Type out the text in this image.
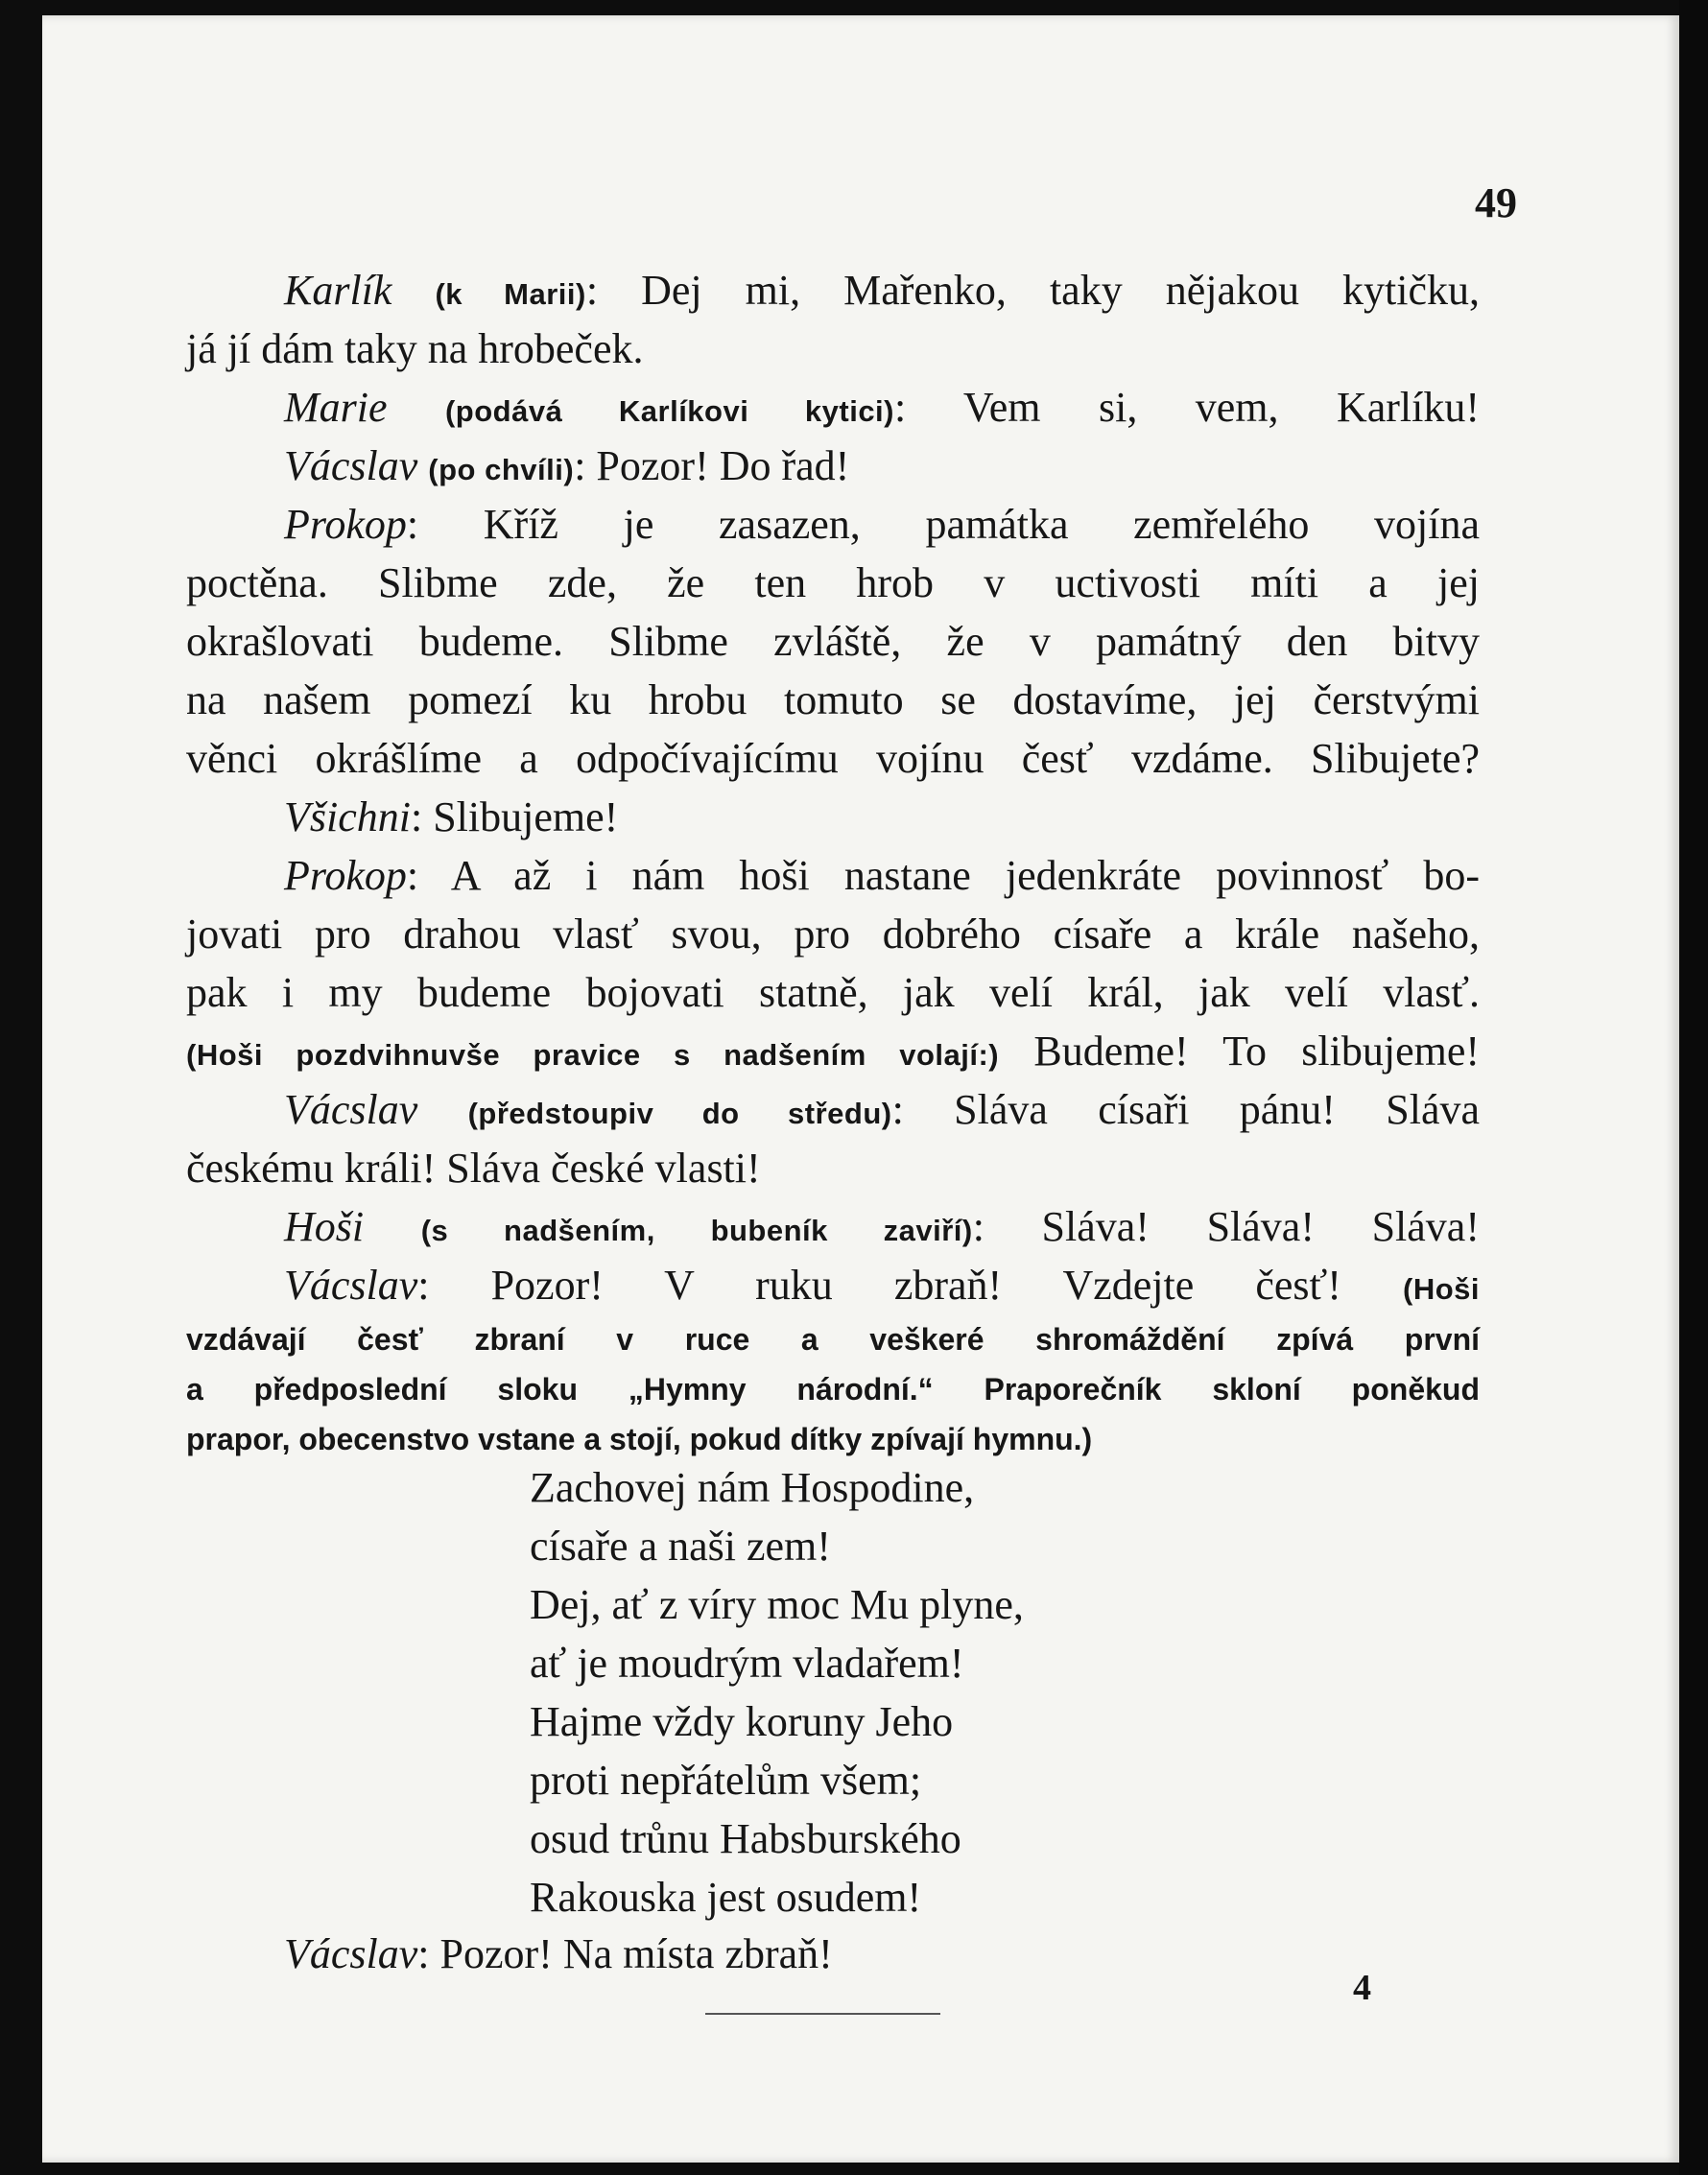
49
Karlík (k Marii): Dej mi, Mařenko, taky nějakou kytičku,
já jí dám taky na hrobeček.
Marie (podává Karlíkovi kytici): Vem si, vem, Karlíku!
Vácslav (po chvíli): Pozor! Do řad!
Prokop: Kříž je zasazen, památka zemřelého vojína
poctěna. Slibme zde, že ten hrob v uctivosti míti a jej
okrašlovati budeme. Slibme zvláště, že v památný den bitvy
na našem pomezí ku hrobu tomuto se dostavíme, jej čerstvými
věnci okrášlíme a odpočívajícímu vojínu česť vzdáme. Slibujete?
Všichni: Slibujeme!
Prokop: A až i nám hoši nastane jedenkráte povinnosť bo-
jovati pro drahou vlasť svou, pro dobrého císaře a krále našeho,
pak i my budeme bojovati statně, jak velí král, jak velí vlasť.
(Hoši pozdvihnuvše pravice s nadšením volají:) Budeme! To slibujeme!
Vácslav (předstoupiv do středu): Sláva císaři pánu! Sláva
českému králi! Sláva české vlasti!
Hoši (s nadšením, bubeník zaviří): Sláva! Sláva! Sláva!
Vácslav: Pozor! V ruku zbraň! Vzdejte česť! (Hoši
vzdávají česť zbraní v ruce a veškeré shromáždění zpívá první
a předposlední sloku „Hymny národní.“ Praporečník skloní poněkud
prapor, obecenstvo vstane a stojí, pokud dítky zpívají hymnu.)
Zachovej nám Hospodine,
císaře a naši zem!
Dej, ať z víry moc Mu plyne,
ať je moudrým vladařem!
Hajme vždy koruny Jeho
proti nepřátelům všem;
osud trůnu Habsburského
Rakouska jest osudem!
Vácslav: Pozor! Na místa zbraň!
4
